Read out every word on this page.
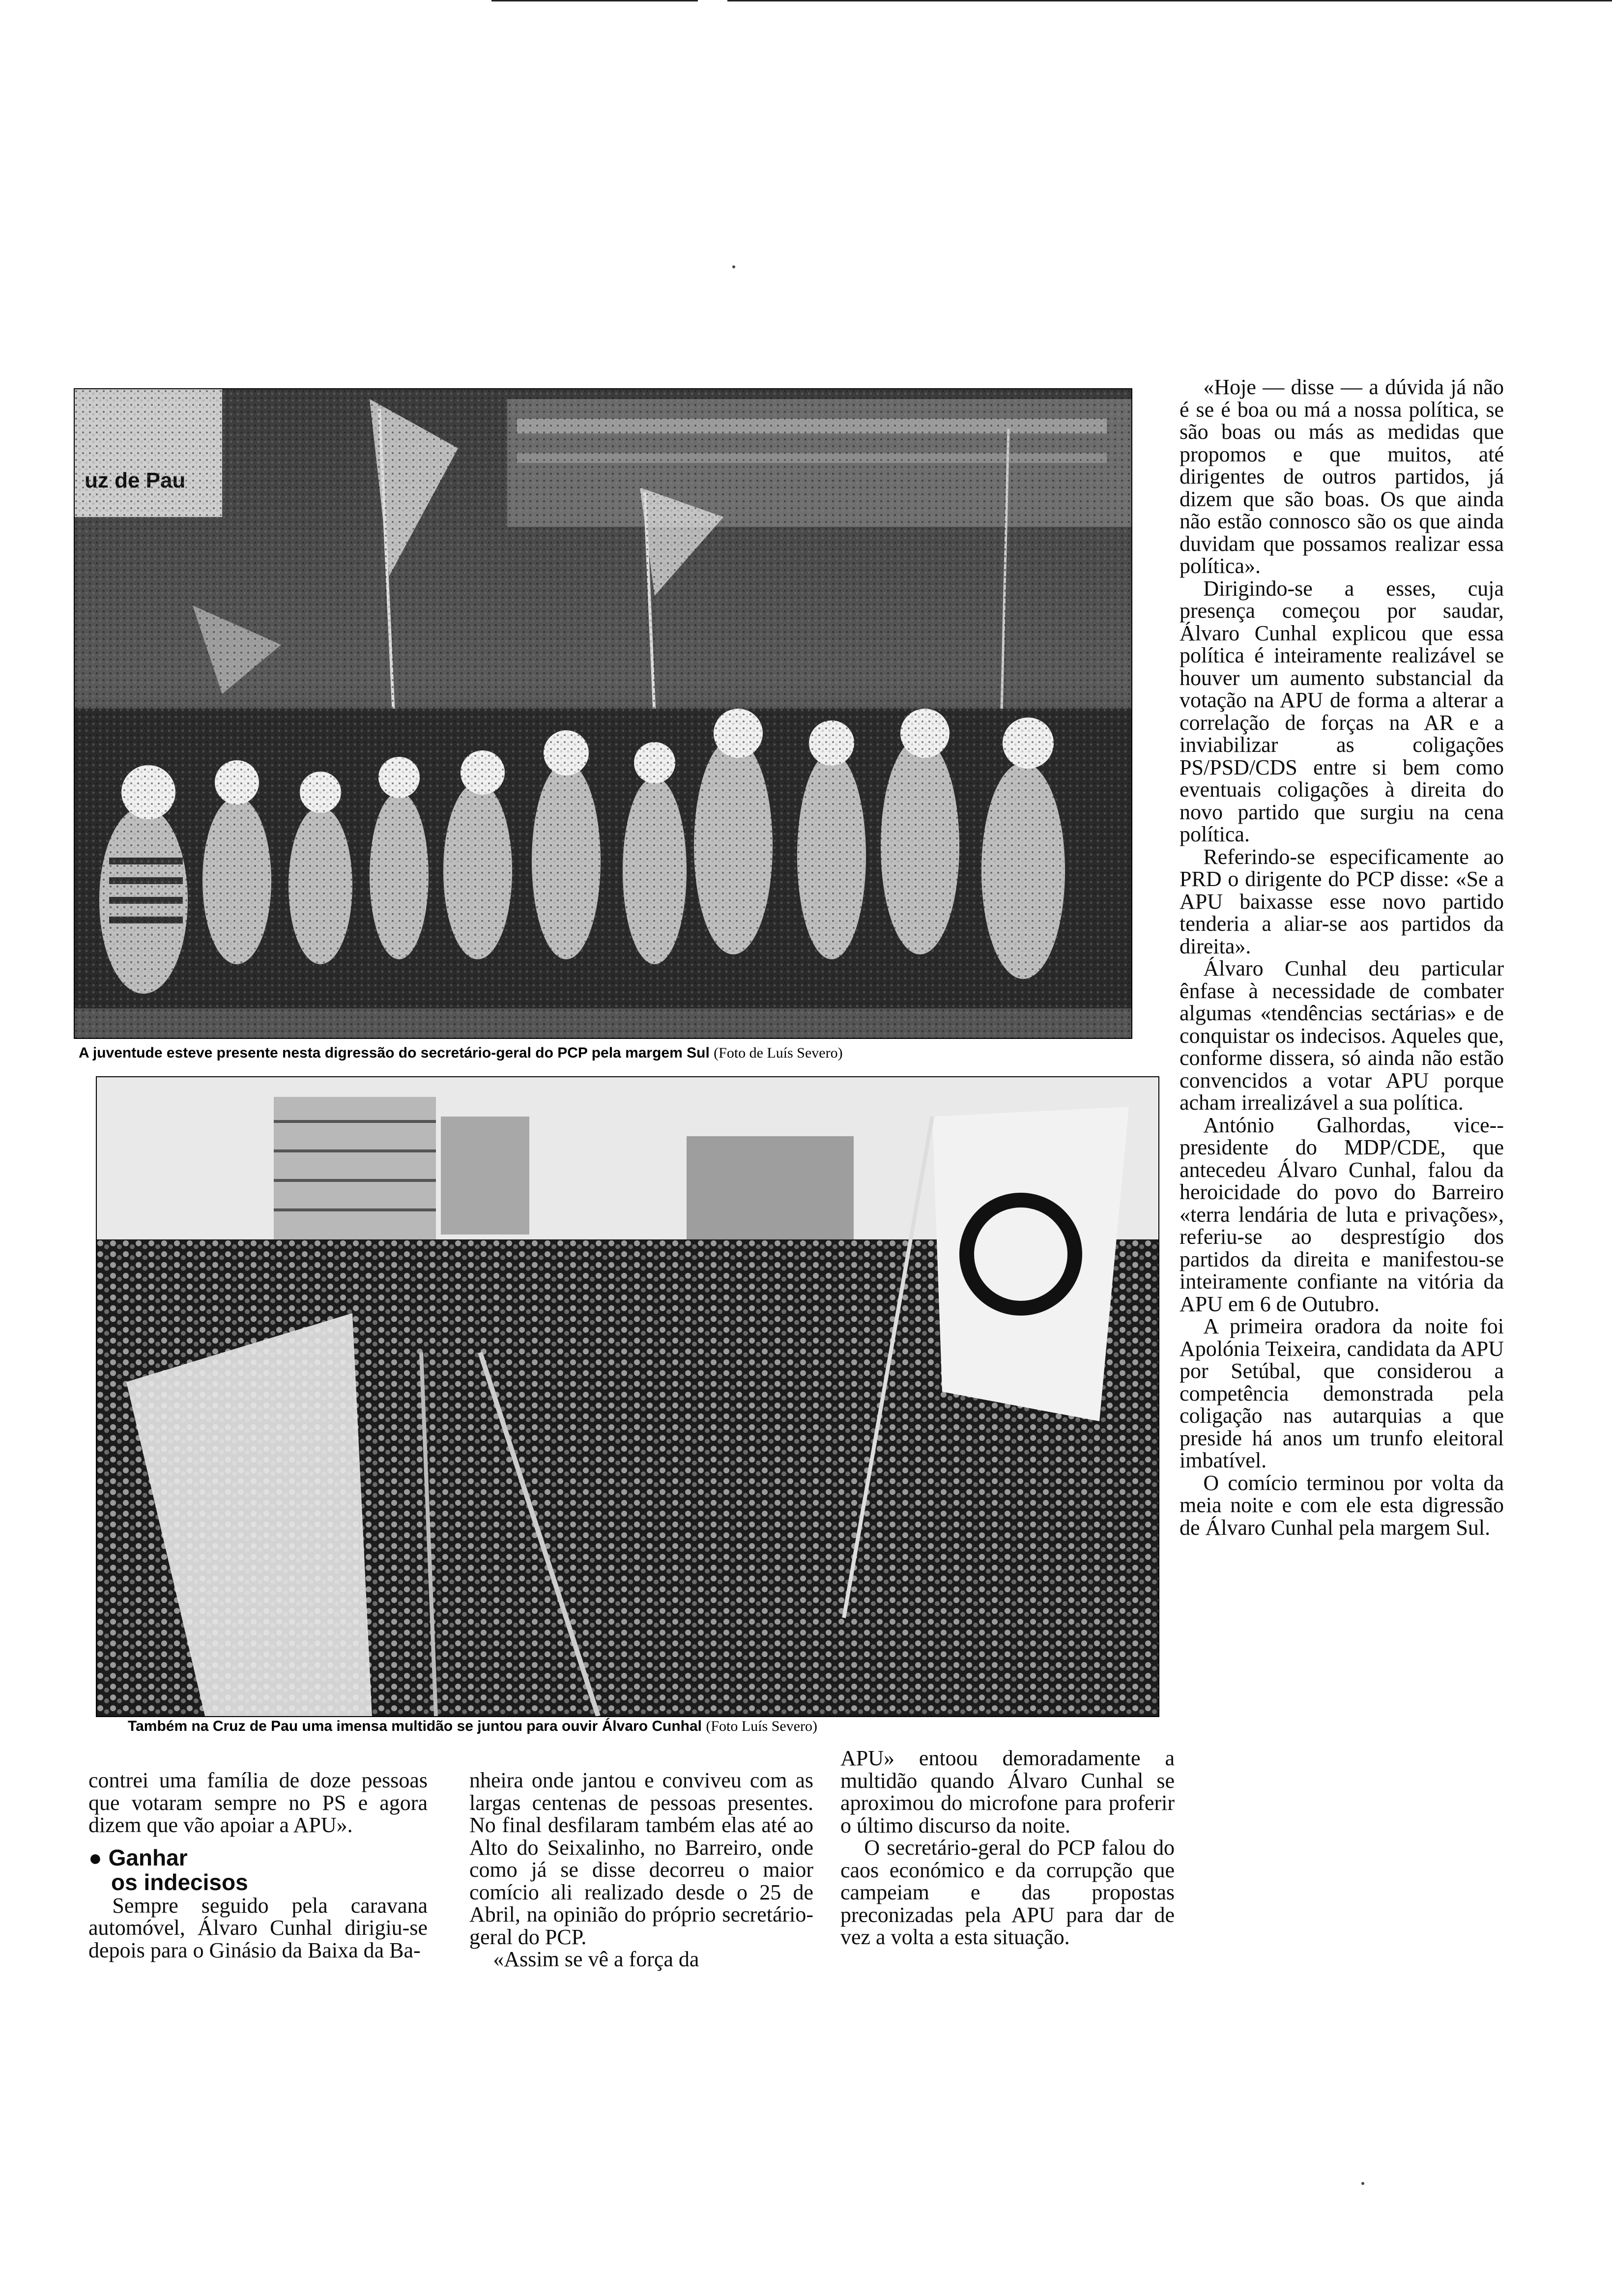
A juventude esteve presente nesta digressão do secretário-geral do PCP pela margem Sul (Foto de Luís Severo)
Também na Cruz de Pau uma imensa multidão se juntou para ouvir Álvaro Cunhal (Foto Luís Severo)

contrei uma família de doze pessoas que votaram sempre no PS e agora dizem que vão apoiar a APU».

● Ganhar
os indecisos

Sempre seguido pela caravana automóvel, Álvaro Cunhal dirigiu-se depois para o Ginásio da Baixa da Ba-

nheira onde jantou e conviveu com as largas centenas de pessoas presentes. No final desfilaram também elas até ao Alto do Seixalinho, no Barreiro, onde como já se disse decorreu o maior comício ali realizado desde o 25 de Abril, na opinião do próprio secretário-geral do PCP.

«Assim se vê a força da

APU» entoou demoradamente a multidão quando Álvaro Cunhal se aproximou do microfone para proferir o último discurso da noite.

O secretário-geral do PCP falou do caos económico e da corrupção que campeiam e das propostas preconizadas pela APU para dar de vez a volta a esta situação.

«Hoje — disse — a dúvida já não é se é boa ou má a nossa política, se são boas ou más as medidas que propomos e que muitos, até dirigentes de outros partidos, já dizem que são boas. Os que ainda não estão connosco são os que ainda duvidam que possamos realizar essa política».

Dirigindo-se a esses, cuja presença começou por saudar, Álvaro Cunhal explicou que essa política é inteiramente realizável se houver um aumento substancial da votação na APU de forma a alterar a correlação de forças na AR e a inviabilizar as coligações PS/PSD/CDS entre si bem como eventuais coligações à direita do novo partido que surgiu na cena política.

Referindo-se especificamente ao PRD o dirigente do PCP disse: «Se a APU baixasse esse novo partido tenderia a aliar-se aos partidos da direita».

Álvaro Cunhal deu particular ênfase à necessidade de combater algumas «tendências sectárias» e de conquistar os indecisos. Aqueles que, conforme dissera, só ainda não estão convencidos a votar APU porque acham irrealizável a sua política.

António Galhordas, vice--presidente do MDP/CDE, que antecedeu Álvaro Cunhal, falou da heroicidade do povo do Barreiro «terra lendária de luta e privações», referiu-se ao desprestígio dos partidos da direita e manifestou-se inteiramente confiante na vitória da APU em 6 de Outubro.

A primeira oradora da noite foi Apolónia Teixeira, candidata da APU por Setúbal, que considerou a competência demonstrada pela coligação nas autarquias a que preside há anos um trunfo eleitoral imbatível.

O comício terminou por volta da meia noite e com ele esta digressão de Álvaro Cunhal pela margem Sul.
